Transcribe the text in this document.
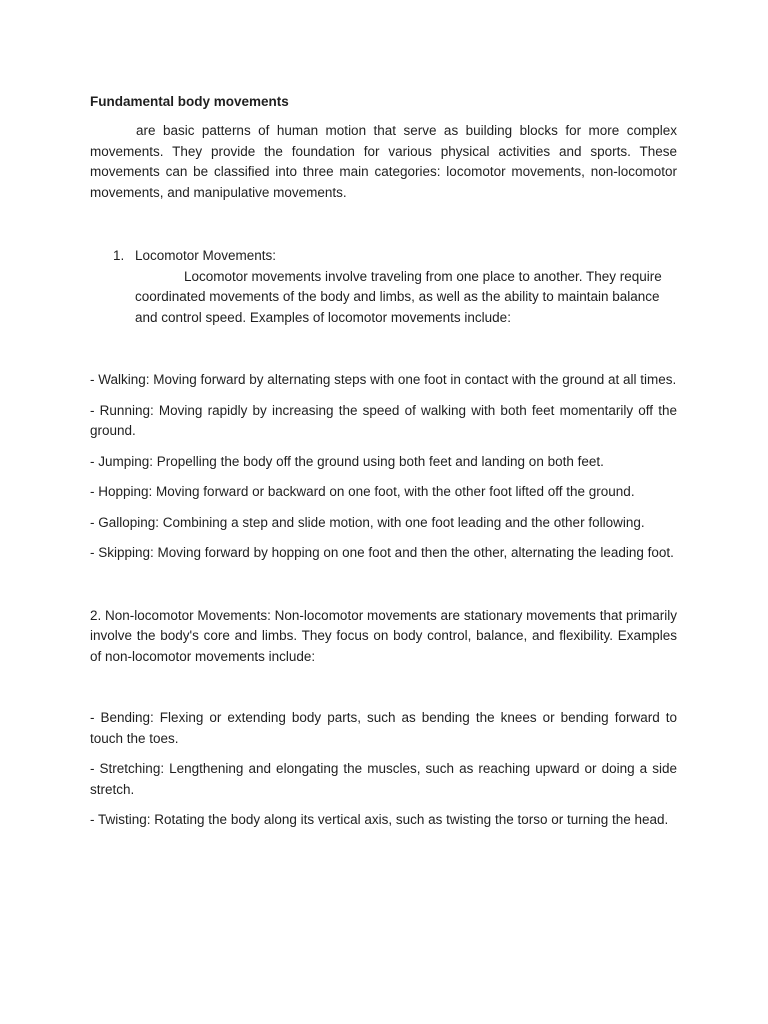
Fundamental body movements

are basic patterns of human motion that serve as building blocks for more complex movements. They provide the foundation for various physical activities and sports. These movements can be classified into three main categories: locomotor movements, non-locomotor movements, and manipulative movements.

1. Locomotor Movements:
Locomotor movements involve traveling from one place to another. They require coordinated movements of the body and limbs, as well as the ability to maintain balance and control speed. Examples of locomotor movements include:

- Walking: Moving forward by alternating steps with one foot in contact with the ground at all times.

- Running: Moving rapidly by increasing the speed of walking with both feet momentarily off the ground.

- Jumping: Propelling the body off the ground using both feet and landing on both feet.

- Hopping: Moving forward or backward on one foot, with the other foot lifted off the ground.

- Galloping: Combining a step and slide motion, with one foot leading and the other following.

- Skipping: Moving forward by hopping on one foot and then the other, alternating the leading foot.

2. Non-locomotor Movements: Non-locomotor movements are stationary movements that primarily involve the body's core and limbs. They focus on body control, balance, and flexibility. Examples of non-locomotor movements include:

- Bending: Flexing or extending body parts, such as bending the knees or bending forward to touch the toes.

- Stretching: Lengthening and elongating the muscles, such as reaching upward or doing a side stretch.

- Twisting: Rotating the body along its vertical axis, such as twisting the torso or turning the head.
